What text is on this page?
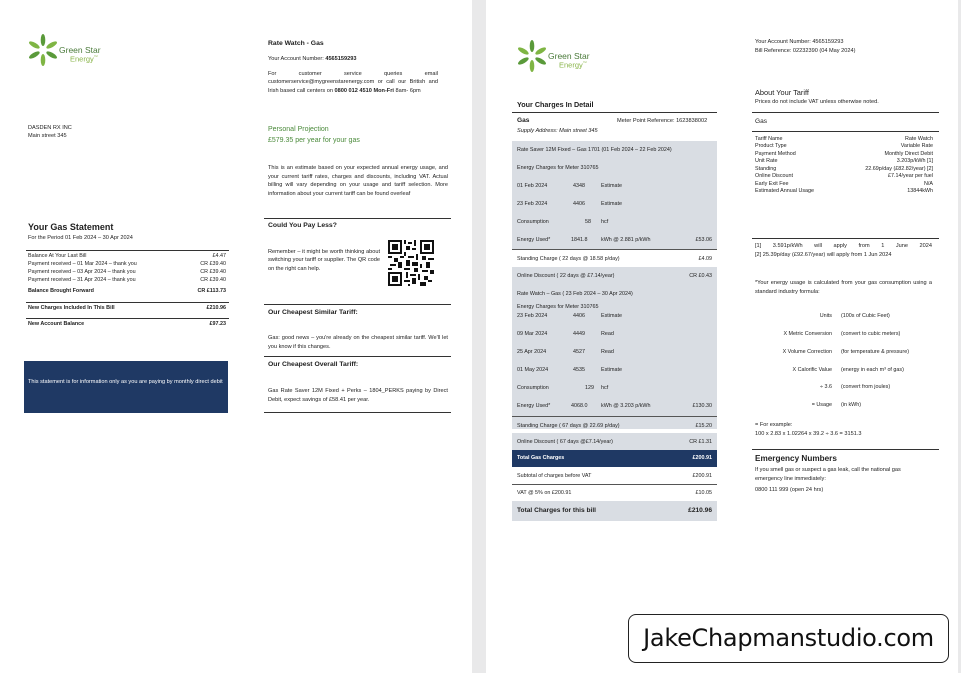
Green Star
Energy™
DASDEN RX INC
Main street 345
Your Gas Statement
For the Period 01 Feb 2024 – 30 Apr 2024
Balance At Your Last Bill	£4.47
Payment received – 01 Mar 2024 – thank you	CR £39.40
Payment received – 03 Apr 2024 – thank you	CR £39.40
Payment received – 31 Apr 2024 – thank you	CR £39.40
Balance Brought Forward	CR £113.73
New Charges Included In This Bill	£210.96
New Account Balance	£97.23
This statement is for information only as you are paying by monthly direct debit
Rate Watch - Gas
Your Account Number: 4565159293
For customer service queries email customerservice@mygreenstarenergy.com or call our British and Irish based call centers on 0800 012 4510 Mon-Fri 8am- 6pm
Personal Projection
£579.35 per year for your gas
This is an estimate based on your expected annual energy usage, and your current tariff rates, charges and discounts, including VAT. Actual billing will vary depending on your usage and tariff selection. More information about your current tariff can be found overleaf
Could You Pay Less?
Remember – it might be worth thinking about switching your tariff or supplier. The QR code on the right can help.
Our Cheapest Similar Tariff:
Gas: good news – you're already on the cheapest similar tariff. We'll let you know if this changes.
Our Cheapest Overall Tariff:
Gas Rate Saver 12M Fixed + Perks – 1804_PERKS paying by Direct Debit, expect savings of £58.41 per year.
Green Star
Energy™
Your Charges In Detail
Gas	Meter Point Reference: 1623838002
Supply Address: Main street 345
Rate Saver 12M Fixed – Gas 1701 (01 Feb 2024 – 22 Feb 2024)
Energy Charges for Meter 310765
01 Feb 2024	4348	Estimate
23 Feb 2024	4406	Estimate
Consumption	58 hcf
Energy Used*	1841.8	kWh @ 2.881 p/kWh	£53.06
Standing Charge ( 22 days @ 18.58 p/day)	£4.09
Online Discount ( 22 days @ £7.14/year)	CR £0.43
Rate Watch – Gas ( 23 Feb 2024 – 30 Apr 2024)
Energy Charges for Meter 310765
23 Feb 2024	4406	Estimate
09 Mar 2024	4449	Read
25 Apr 2024	4527	Read
01 May 2024	4535	Estimate
Consumption	129 hcf
Energy Used*	4068.0	kWh @ 3.203 p/kWh	£130.30
Standing Charge ( 67 days @ 22.69 p/day)	£15.20
Online Discount ( 67 days @£7.14/year)	CR £1.31
Total Gas Charges	£200.91
Subtotal of charges before VAT	£200.91
VAT @ 5% on £200.91	£10.05
Total Charges for this bill	£210.96
Your Account Number: 4565159293
Bill Reference: 02232390 (04 May 2024)
About Your Tariff
Prices do not include VAT unless otherwise noted.
Gas
Tariff Name	Rate Watch
Product Type	Variable Rate
Payment Method	Monthly Direct Debit
Unit Rate	3.203p/kWh [1]
Standing	22.69p/day (£82.82/year) [2]
Online Discount	£7.14/year per fuel
Early Exit Fee	N/A
Estimated Annual Usage	13844kWh
[1] 3.591p/kWh will apply from 1 June 2024
[2] 25.39p/day (£92.67/year) will apply from 1 Jun 2024
*Your energy usage is calculated from your gas consumption using a standard industry formula:
Units (100s of Cubic Feet)
X Metric Conversion (convert to cubic meters)
X Volume Correction (for temperature & pressure)
X Calorific Value (energy in each m³ of gas)
÷ 3.6 (convert from joules)
= Usage (in kWh)
= For example:
100 x 2.83 x 1.02264 x 39.2 ÷ 3.6 = 3151.3
Emergency Numbers
If you smell gas or suspect a gas leak, call the national gas emergency line immediately:
0800 111 999 (open 24 hrs)
JakeChapmanstudio.com
